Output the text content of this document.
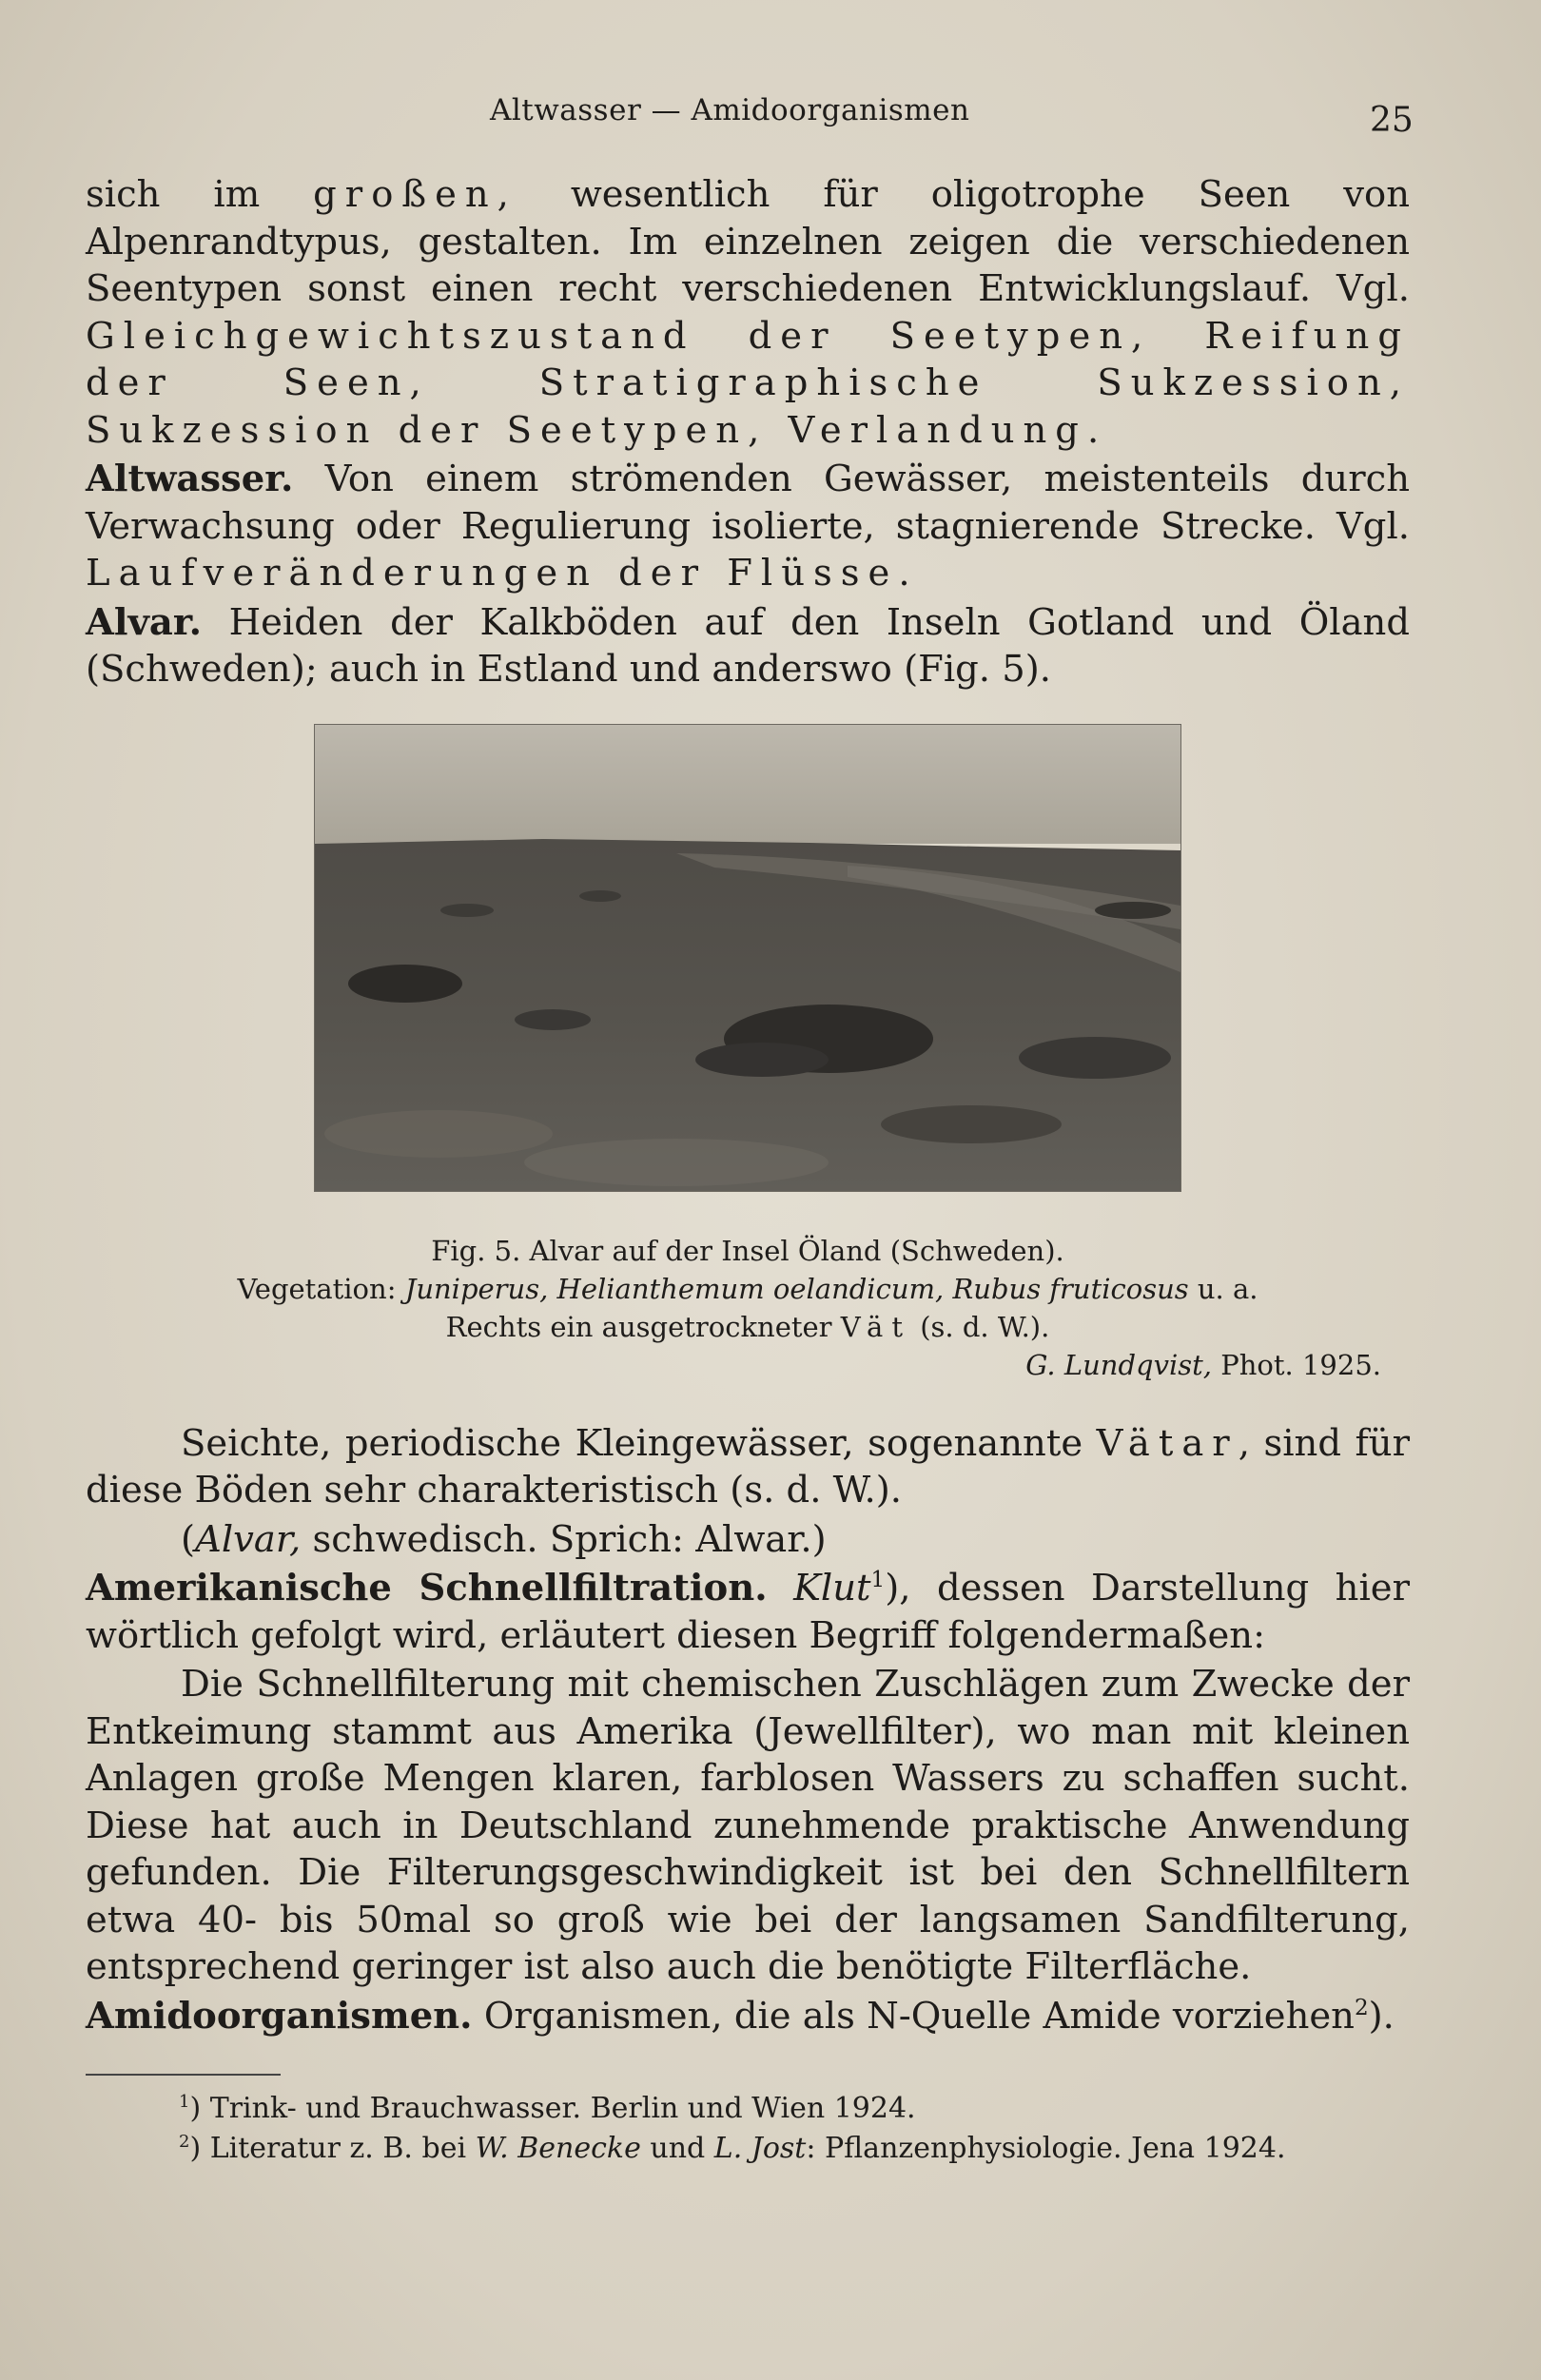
Altwasser — Amidoorganismen	25

sich im großen, wesentlich für oligotrophe Seen von Alpenrandtypus, gestalten. Im einzelnen zeigen die verschiedenen Seentypen sonst einen recht verschiedenen Entwicklungslauf. Vgl. Gleichgewichtszustand der Seetypen, Reifung der Seen, Stratigraphische Sukzession, Sukzession der Seetypen, Verlandung.

Altwasser. Von einem strömenden Gewässer, meistenteils durch Verwachsung oder Regulierung isolierte, stagnierende Strecke. Vgl. Laufveränderungen der Flüsse.

Alvar. Heiden der Kalkböden auf den Inseln Gotland und Öland (Schweden); auch in Estland und anderswo (Fig. 5).

Fig. 5. Alvar auf der Insel Öland (Schweden).
Vegetation: Juniperus, Helianthemum oelandicum, Rubus fruticosus u. a.
Rechts ein ausgetrockneter Vät (s. d. W.).
G. Lundqvist, Phot. 1925.

Seichte, periodische Kleingewässer, sogenannte Vätar, sind für diese Böden sehr charakteristisch (s. d. W.).

(Alvar, schwedisch. Sprich: Alwar.)

Amerikanische Schnellfiltration. Klut$^1$), dessen Darstellung hier wörtlich gefolgt wird, erläutert diesen Begriff folgendermaßen:

Die Schnellfilterung mit chemischen Zuschlägen zum Zwecke der Entkeimung stammt aus Amerika (Jewellfilter), wo man mit kleinen Anlagen große Mengen klaren, farblosen Wassers zu schaffen sucht. Diese hat auch in Deutschland zunehmende praktische Anwendung gefunden. Die Filterungsgeschwindigkeit ist bei den Schnellfiltern etwa 40- bis 50mal so groß wie bei der langsamen Sandfilterung, entsprechend geringer ist also auch die benötigte Filterfläche.

Amidoorganismen. Organismen, die als N-Quelle Amide vorziehen$^2$).

$^1$) Trink- und Brauchwasser. Berlin und Wien 1924.
$^2$) Literatur z. B. bei W. Benecke und L. Jost: Pflanzenphysiologie. Jena 1924.
